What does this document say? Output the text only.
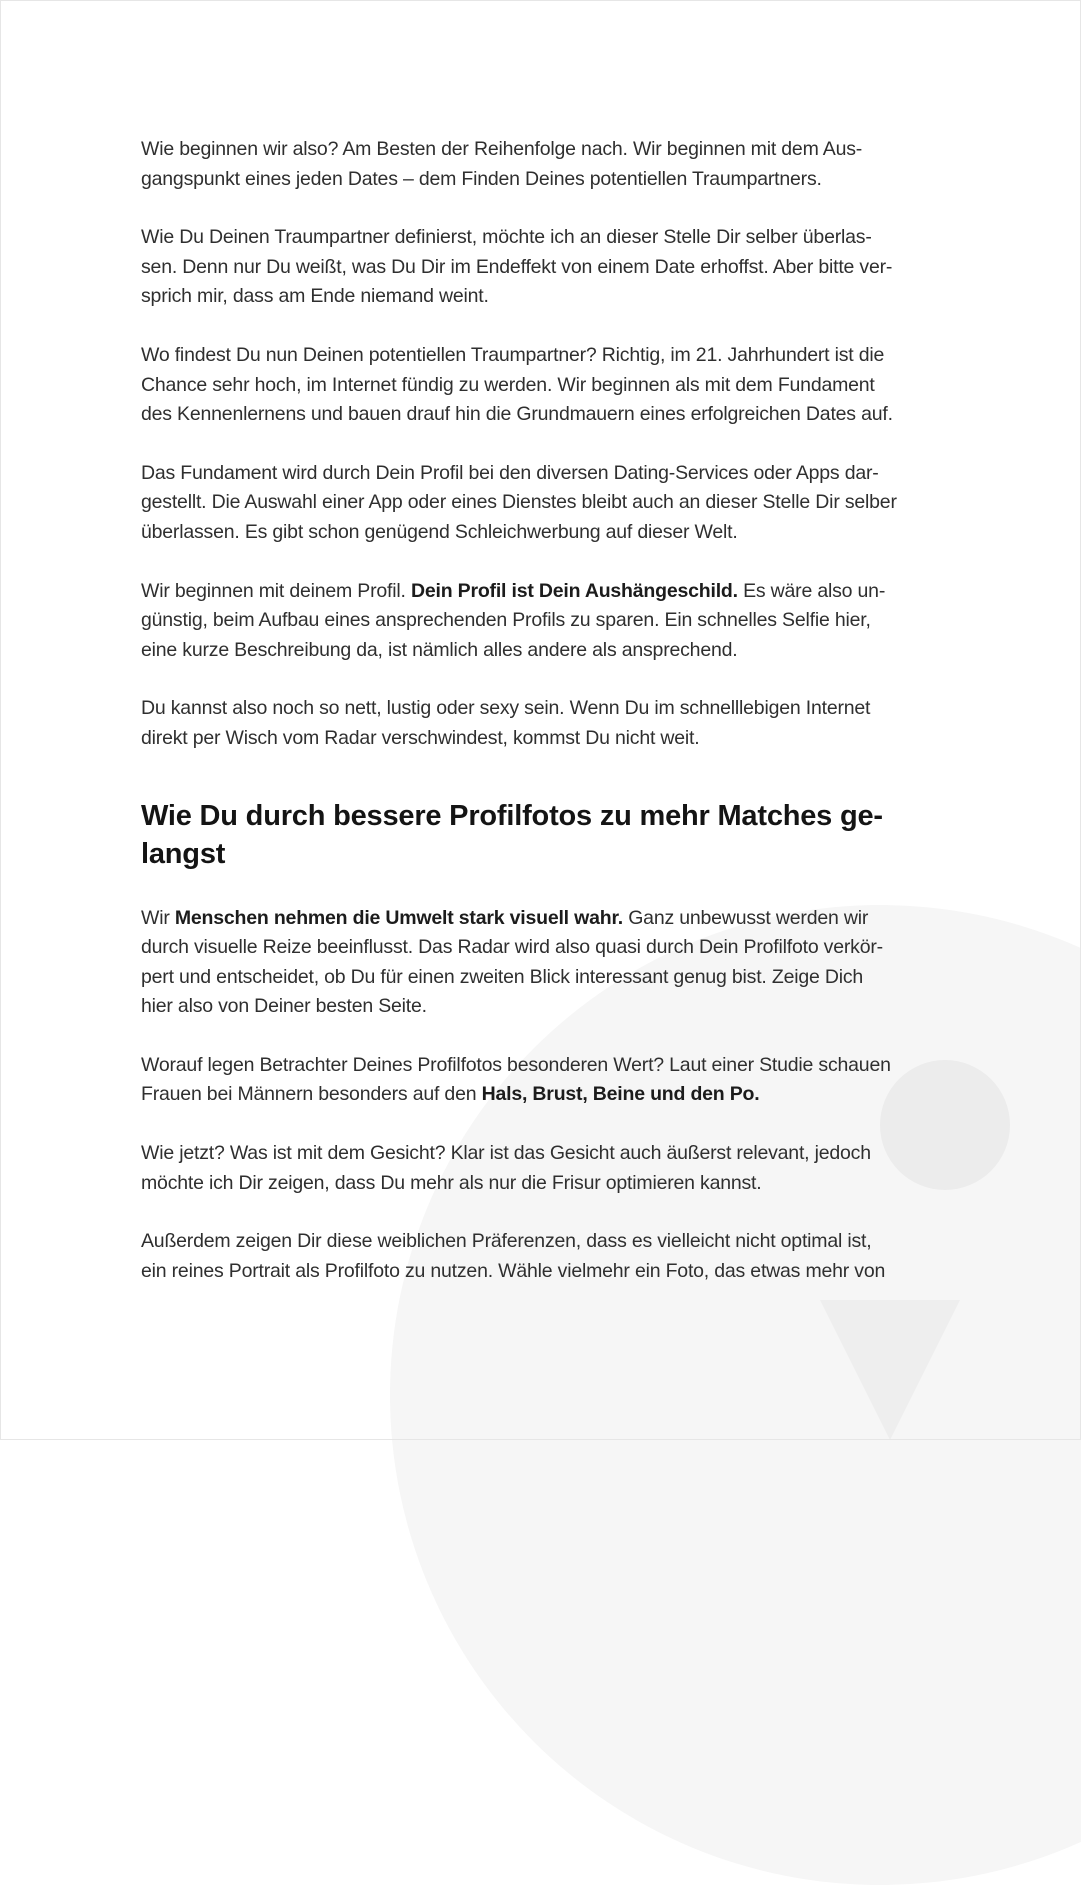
Wie beginnen wir also? Am Besten der Reihenfolge nach. Wir beginnen mit dem Aus-
gangspunkt eines jeden Dates – dem Finden Deines potentiellen Traumpartners.

Wie Du Deinen Traumpartner definierst, möchte ich an dieser Stelle Dir selber überlas-
sen. Denn nur Du weißt, was Du Dir im Endeffekt von einem Date erhoffst. Aber bitte ver-
sprich mir, dass am Ende niemand weint.

Wo findest Du nun Deinen potentiellen Traumpartner? Richtig, im 21. Jahrhundert ist die
Chance sehr hoch, im Internet fündig zu werden. Wir beginnen als mit dem Fundament
des Kennenlernens und bauen drauf hin die Grundmauern eines erfolgreichen Dates auf.

Das Fundament wird durch Dein Profil bei den diversen Dating-Services oder Apps dar-
gestellt. Die Auswahl einer App oder eines Dienstes bleibt auch an dieser Stelle Dir selber
überlassen. Es gibt schon genügend Schleichwerbung auf dieser Welt.

Wir beginnen mit deinem Profil. Dein Profil ist Dein Aushängeschild. Es wäre also un-
günstig, beim Aufbau eines ansprechenden Profils zu sparen. Ein schnelles Selfie hier,
eine kurze Beschreibung da, ist nämlich alles andere als ansprechend.

Du kannst also noch so nett, lustig oder sexy sein. Wenn Du im schnelllebigen Internet
direkt per Wisch vom Radar verschwindest, kommst Du nicht weit.

Wie Du durch bessere Profilfotos zu mehr Matches ge-
langst

Wir Menschen nehmen die Umwelt stark visuell wahr. Ganz unbewusst werden wir
durch visuelle Reize beeinflusst. Das Radar wird also quasi durch Dein Profilfoto verkör-
pert und entscheidet, ob Du für einen zweiten Blick interessant genug bist. Zeige Dich
hier also von Deiner besten Seite.

Worauf legen Betrachter Deines Profilfotos besonderen Wert? Laut einer Studie schauen
Frauen bei Männern besonders auf den Hals, Brust, Beine und den Po.

Wie jetzt? Was ist mit dem Gesicht? Klar ist das Gesicht auch äußerst relevant, jedoch
möchte ich Dir zeigen, dass Du mehr als nur die Frisur optimieren kannst.

Außerdem zeigen Dir diese weiblichen Präferenzen, dass es vielleicht nicht optimal ist,
ein reines Portrait als Profilfoto zu nutzen. Wähle vielmehr ein Foto, das etwas mehr von
